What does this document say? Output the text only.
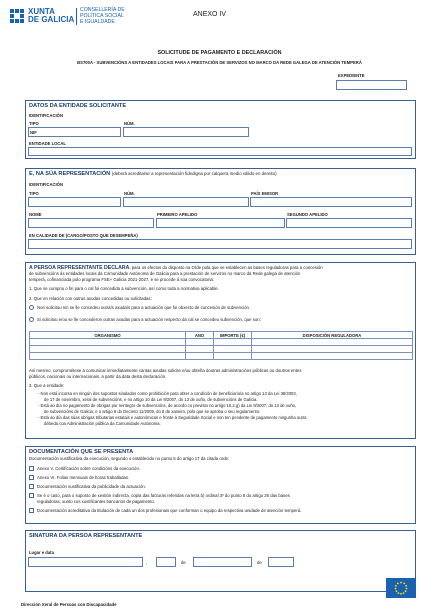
XUNTA
DE GALICIA
CONSELLERÍA DE
POLÍTICA SOCIAL
E IGUALDADE
ANEXO IV
SOLICITUDE DE PAGAMENTO E DECLARACIÓN
BS700A - SUBVENCIÓNS A ENTIDADES LOCAIS PARA A PRESTACIÓN DE SERVIZOS NO MARCO DA REDE GALEGA DE ATENCIÓN TEMPERÁ
EXPEDIENTE
DATOS DA ENTIDADE SOLICITANTE
IDENTIFICACIÓN
TIPO	NÚM.
NIF
ENTIDADE LOCAL
E, NA SÚA REPRESENTACIÓN (deberá acreditarse a representación fidedigna por calquera medio válido en dereito)
IDENTIFICACIÓN
TIPO	NÚM.	PAÍS EMISOR
NOME	PRIMEIRO APELIDO	SEGUNDO APELIDO
EN CALIDADE DE (CARGO/POSTO QUE DESEMPEÑA)
A PERSOA REPRESENTANTE DECLARA, para os efectos do disposto na Orde pola que se establecen as bases reguladoras para a concesión
de subvencións ás entidades locais da Comunidade Autónoma de Galicia para a prestación de servizos no marco da Rede galega de atención
temperá, cofinanciada polo programa FSE+ Galicia 2021-2027, e se procede á súa convocatoria:
1. Que se cumpriu o fin para o cal foi concedida a subvención, así como toda a normativa aplicable.
2. Que en relación con outras axudas concedidas ou solicitadas:
Non solicitou nin se lle concedeu outra/s axuda/s para a actuación que foi obxecto de concesión de subvención.
Si solicitou e/ou se lle concederon outras axudas para a actuación respecto da cal se concedeu subvención, que son:
ORGANISMO	ANO	IMPORTE (€)	DISPOSICIÓN REGULADORA

Así mesmo, comprométese a comunicar inmediatamente cantas axudas solicite e/ou obteña doutras administracións públicas ou doutros entes
públicos, nacionais ou internacionais, a partir da data desta declaración.
3. Que a entidade:
- Non está incursa en ningún dos supostos sinalados como prohibición para obter a condición de beneficiario/a no artigo 13 da Lei 38/2003,
de 17 de novembro, xeral de subvencións, e no artigo 10 da Lei 9/2007, do 13 de xuño, de subvencións de Galicia.
- Está ao día no pagamento de obrigas por reintegro de subvencións, de acordo co previsto no artigo 10.2.g) da Lei 9/2007, do 13 de xuño,
de subvencións de Galicia, e o artigo 9 do Decreto 11/2009, do 8 de xaneiro, polo que se aproba o seu regulamento.
- Está ao día das súas obrigas tributarias estatais e autonómicas e fronte á Seguridade Social e non ten pendente de pagamento ningunha outra
débeda coa Administración pública da Comunidade Autónoma.
DOCUMENTACIÓN QUE SE PRESENTA
Documentación xustificativa da execución, segundo o establecido no punto 6 do artigo 17 da citada orde:
Anexo V. Certificación sobre condicións da execución.
Anexo VI. Folias mensuais de horas traballadas.
Documentación xustificativa da publicidade da actuación.
Se é o caso, para o suposto de xestión indirecta, copia das facturas referidas na letra b) ordinal 3º do punto 6 do artigo 26 das bases
reguladoras, xunto cos xustificantes bancarios de pagamento.
Documentación acreditativa da titulación de cada un dos profesionais que conforman o equipo da respectiva unidade de atención temperá.
SINATURA DA PERSOA REPRESENTANTE
Lugar e data
,	de	de
Dirección Xeral de Persoas con Discapacidade
